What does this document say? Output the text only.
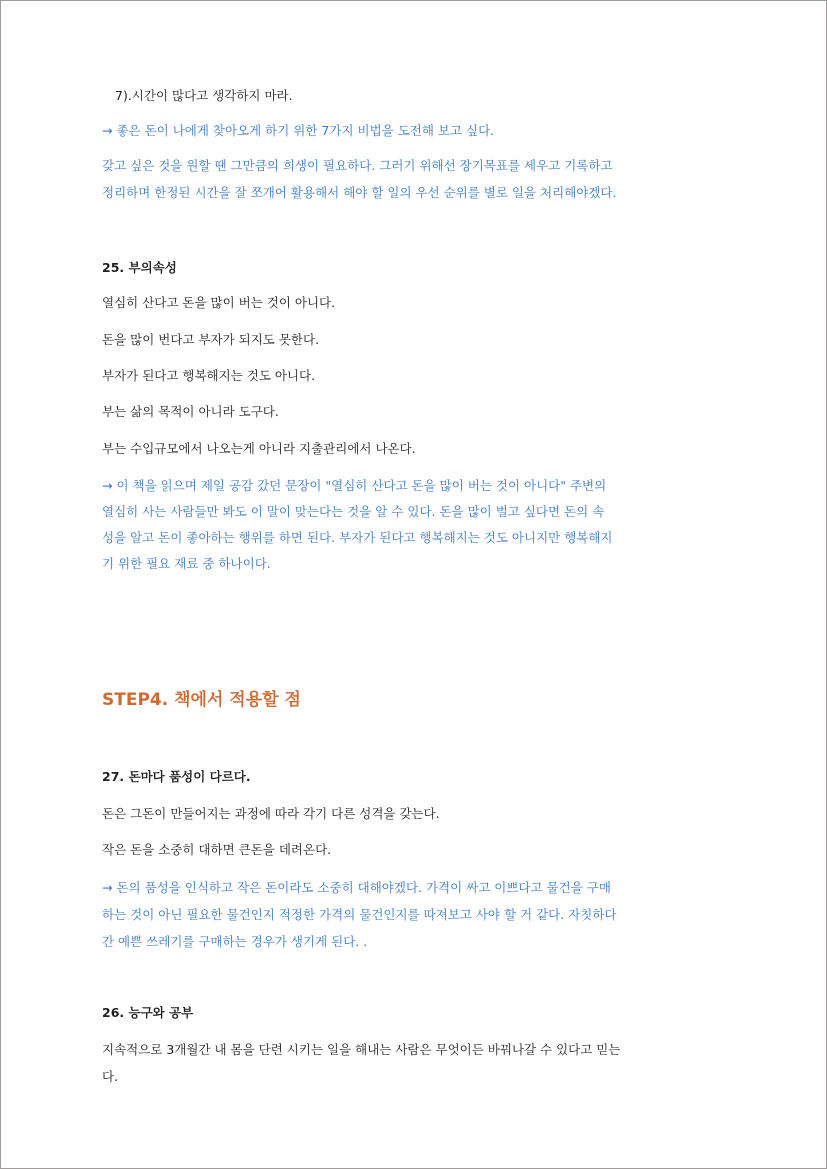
7).시간이 많다고 생각하지 마라.
→ 좋은 돈이 나에게 찾아오게 하기 위한 7가지 비법을 도전해 보고 싶다.
갖고 싶은 것을 원할 땐 그만큼의 희생이 필요하다. 그러기 위해선 장기목표를 세우고 기록하고
정리하며 한정된 시간을 잘 쪼개어 활용해서 해야 할 일의 우선 순위를 별로 일을 처리해야겠다.
25. 부의속성
열심히 산다고 돈을 많이 버는 것이 아니다.
돈을 많이 번다고 부자가 되지도 못한다.
부자가 된다고 행복해지는 것도 아니다.
부는 삶의 목적이 아니라 도구다.
부는 수입규모에서 나오는게 아니라 지출관리에서 나온다.
→ 이 책을 읽으며 제일 공감 갔던 문장이 "열심히 산다고 돈을 많이 버는 것이 아니다" 주변의
열심히 사는 사람들만 봐도 이 말이 맞는다는 것을 알 수 있다. 돈을 많이 벌고 싶다면 돈의 속
성을 알고 돈이 좋아하는 행위를 하면 된다. 부자가 된다고 행복해지는 것도 아니지만 행복해지
기 위한 필요 재료 중 하나이다.
STEP4. 책에서 적용할 점
27. 돈마다 품성이 다르다.
돈은 그돈이 만들어지는 과정에 따라 각기 다른 성격을 갖는다.
작은 돈을 소중히 대하면 큰돈을 데려온다.
→ 돈의 품성을 인식하고 작은 돈이라도 소중히 대해야겠다. 가격이 싸고 이쁘다고 물건을 구매
하는 것이 아닌 필요한 물건인지 적정한 가격의 물건인지를 따져보고 사야 할 거 같다. 자칫하다
간 예쁜 쓰레기를 구매하는 경우가 생기게 된다. .
26. 능구와 공부
지속적으로 3개월간 내 몸을 단련 시키는 일을 해내는 사람은 무엇이든 바꿔나갈 수 있다고 믿는
다.
